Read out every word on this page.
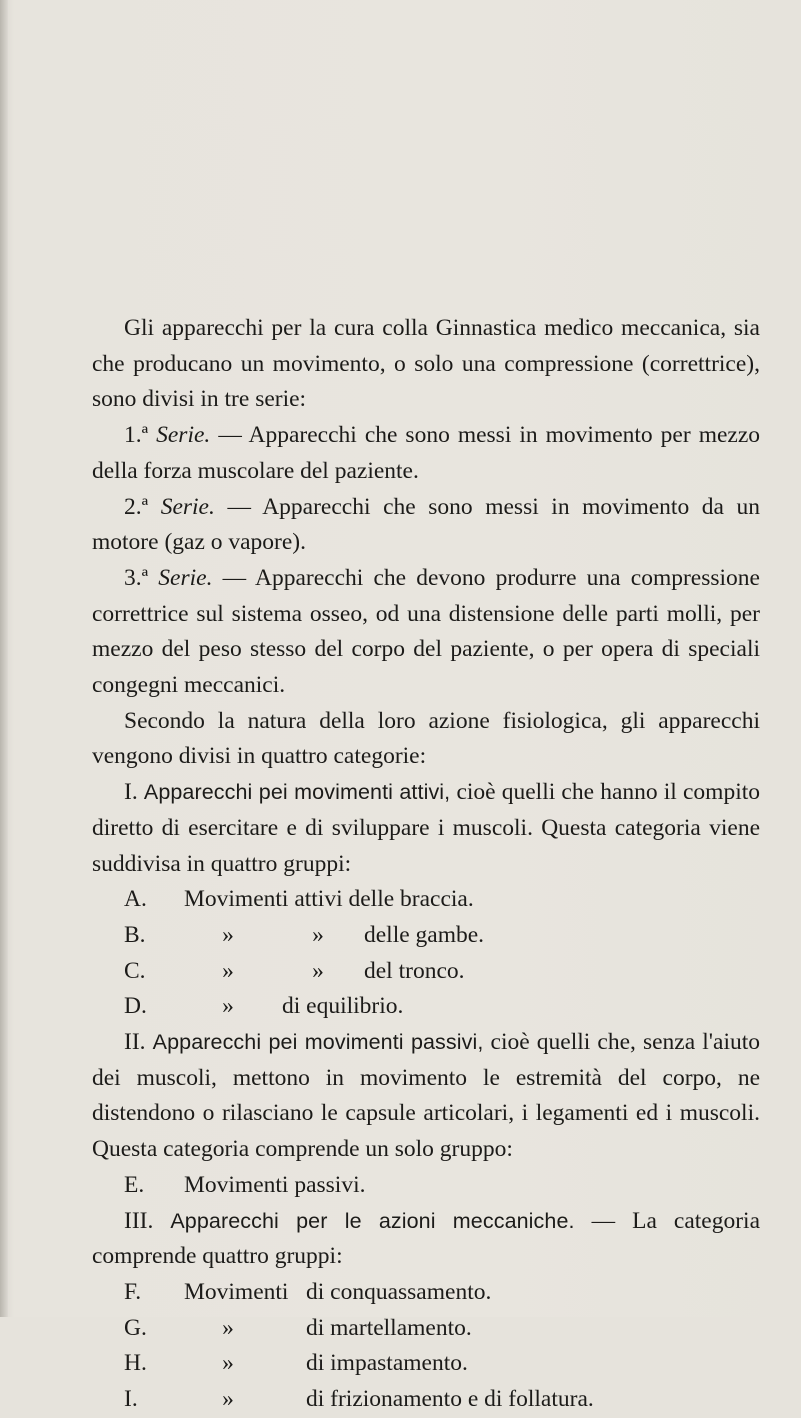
Gli apparecchi per la cura colla Ginnastica medico meccanica, sia che producano un movimento, o solo una compressione (correttrice), sono divisi in tre serie:

1.ª Serie. — Apparecchi che sono messi in movimento per mezzo della forza muscolare del paziente.

2.ª Serie. — Apparecchi che sono messi in movimento da un motore (gaz o vapore).

3.ª Serie. — Apparecchi che devono produrre una compressione correttrice sul sistema osseo, od una distensione delle parti molli, per mezzo del peso stesso del corpo del paziente, o per opera di speciali congegni meccanici.

Secondo la natura della loro azione fisiologica, gli apparecchi vengono divisi in quattro categorie:

I. Apparecchi pei movimenti attivi, cioè quelli che hanno il compito diretto di esercitare e di sviluppare i muscoli. Questa categoria viene suddivisa in quattro gruppi:

A.	Movimenti attivi delle braccia.
B.	»	»	delle gambe.
C.	»	»	del tronco.
D.	»	di equilibrio.

II. Apparecchi pei movimenti passivi, cioè quelli che, senza l'aiuto dei muscoli, mettono in movimento le estremità del corpo, ne distendono o rilasciano le capsule articolari, i legamenti ed i muscoli. Questa categoria comprende un solo gruppo:

E.	Movimenti passivi.

III. Apparecchi per le azioni meccaniche. — La categoria comprende quattro gruppi:

F.	Movimenti di conquassamento.
G.	»	di martellamento.
H.	»	di impastamento.
I.	»	di frizionamento e di follatura.
